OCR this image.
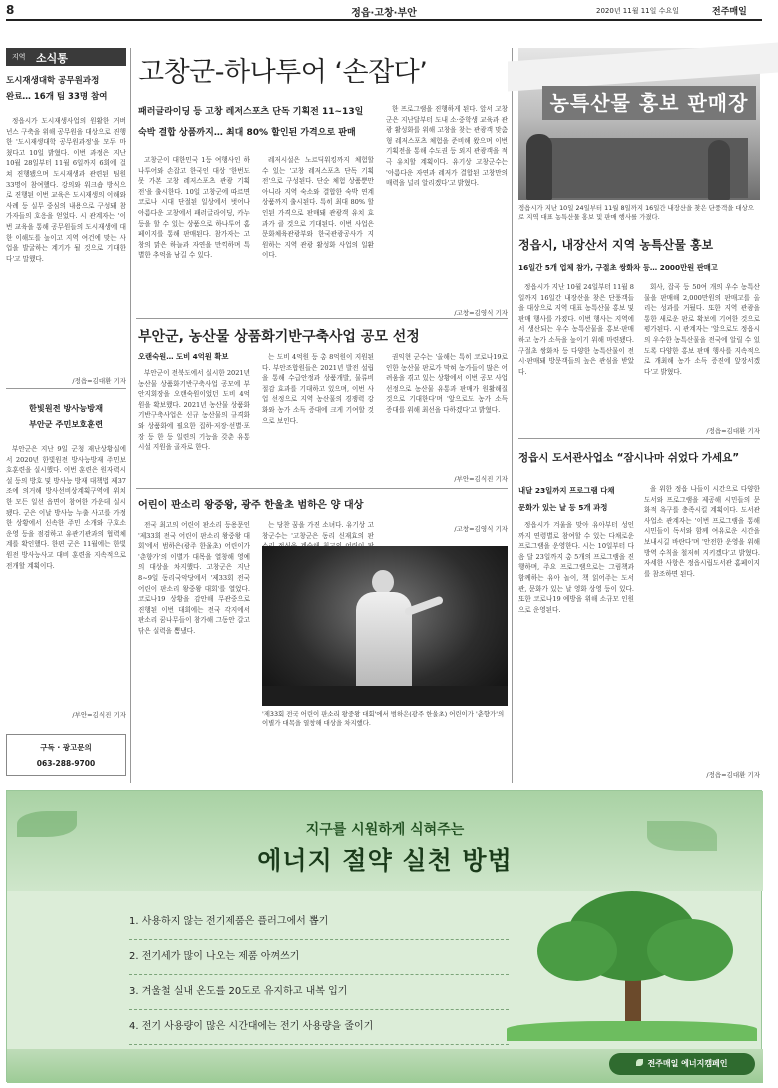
8	정읍·고창·부안	2020년 11월 11일 수요일	전주매일
지역 소식통
도시재생대학 공무원과정
완료… 16개 팀 33명 참여

정읍시가 도시재생사업의 원활한 거버넌스 구축을 위해 공무원을 대상으로 진행한 '도시재생대학 공무원과정'을 모두 마쳤다고 10일 밝혔다. 이번 과정은 지난 10월 28일부터 11월 6일까지 6회에 걸쳐 진행됐으며 도시재생과 관련된 팀원 33명이 참여했다. 강의와 워크숍 방식으로 진행된 이번 교육은 도시재생의 이해와 사례 등 실무 중심의 내용으로 구성돼 참가자들의 호응을 얻었다. 시 관계자는 '이번 교육을 통해 공무원들의 도시재생에 대한 이해도를 높이고 지역 여건에 맞는 사업을 발굴하는 계기가 될 것으로 기대한다'고 말했다.

/정읍=김대환 기자
한빛원전 방사능방재
부안군 주민보호훈련

부안군은 지난 9일 군청 재난상황실에서 2020년 한빛원전 방사능방재 주민보호훈련을 실시했다. 이번 훈련은 원자력시설 등의 방호 및 방사능 방재 대책법 제37조에 의거해 방사선비상계획구역에 위치한 모든 일선 읍면이 참여한 가운데 실시됐다. 군은 이날 방사능 누출 사고를 가정한 상황에서 신속한 주민 소개와 구호소 운영 등을 점검하고 유관기관과의 협력체계를 확인했다. 한편 군은 11월에는 한빛원전 방사능사고 대비 훈련을 지속적으로 전개할 계획이다.

/부안=김식진 기자
구독 · 광고문의
063-288-9700
고창군-하나투어 ‘손잡다’
패러글라이딩 등 고창 레저스포츠 단독 기획전 11~13일
숙박 결합 상품까지… 최대 80% 할인된 가격으로 판매

고창군이 대한민국 1등 여행사인 하나투어와 손잡고 한국인 대상 '한번도 못 가본 고창 레저스포츠 관광 기획전'을 출시한다. 10일 고창군에 따르면 코로나 시대 단절된 일상에서 벗어나 아름다운 고창에서 패러글라이딩, 카누 등을 할 수 있는 상품으로 하나투어 홈페이지를 통해 판매된다. 참가자는 고창의 맑은 하늘과 자연을 만끽하며 특별한 추억을 남길 수 있다.

레저시설은 노르딕워킹까지 체험할 수 있는 '고창 레저스포츠 단독 기획전'으로 구성된다. 단순 체험 상품뿐만 아니라 지역 숙소와 결합한 숙박 연계 상품까지 출시된다. 특히 최대 80% 할인된 가격으로 판매돼 관광객 유치 효과가 클 것으로 기대된다. 이번 사업은 문화체육관광부와 한국관광공사가 지원하는 지역 관광 활성화 사업의 일환이다.

한 프로그램을 진행하게 된다. 앞서 고창군은 지난달부터 도내 소·중학생 교육과 관광 활성화를 위해 고창을 찾는 관광객 맞춤형 레저스포츠 체험을 준비해 왔으며 이번 기획전을 통해 수도권 등 외지 관광객을 적극 유치할 계획이다. 유기상 고창군수는 '아름다운 자연과 레저가 결합된 고창만의 매력을 널리 알리겠다'고 밝혔다.

/고창=김영식 기자
농특산물 홍보 판매장
정읍시가 지난 10일 24일부터 11월 8일까지 16일간 내장산을 찾은 단풍객을 대상으로 지역 대표 농특산물 홍보 및 판매 행사를 가졌다.
정읍시, 내장산서 지역 농특산물 홍보
16일간 5개 업체 참가, 구절초 쌍화차 등… 2000만원 판매고

정읍시가 지난 10월 24일부터 11월 8일까지 16일간 내장산을 찾은 단풍객들을 대상으로 지역 대표 농특산물 홍보 및 판매 행사를 가졌다. 이번 행사는 지역에서 생산되는 우수 농특산물을 홍보·판매하고 농가 소득을 높이기 위해 마련됐다. 구절초 쌍화차 등 다양한 농특산물이 전시·판매돼 방문객들의 높은 관심을 받았다.

회사, 잡곡 등 50여 개의 우수 농특산물을 판매해 2,000만원의 판매고를 올리는 성과를 거뒀다. 또한 지역 관광을 통한 새로운 판로 확보에 기여한 것으로 평가된다. 시 관계자는 '앞으로도 정읍시의 우수한 농특산물을 전국에 알릴 수 있도록 다양한 홍보 판매 행사를 지속적으로 개최해 농가 소득 증진에 앞장서겠다'고 밝혔다.

/정읍=김대환 기자
정읍시 도서관사업소 “잠시나마 쉬었다 가세요”
내달 23일까지 프로그램 다채
문화가 있는 날 등 5개 과정

정읍시가 겨울을 맞아 유아부터 성인까지 연령별로 참여할 수 있는 다채로운 프로그램을 운영한다. 시는 10일부터 다음 달 23일까지 총 5개의 프로그램을 진행하며, 주요 프로그램으로는 그림책과 함께하는 유아 놀이, 책 읽어주는 도서관, 문화가 있는 날 영화 상영 등이 있다. 또한 코로나19 예방을 위해 소규모 인원으로 운영된다.

을 위한 정읍 나들이 시간으로 다양한 도서와 프로그램을 제공해 시민들의 문화적 욕구를 충족시킬 계획이다. 도서관사업소 관계자는 '이번 프로그램을 통해 시민들이 독서와 함께 여유로운 시간을 보내시길 바란다'며 '안전한 운영을 위해 방역 수칙을 철저히 지키겠다'고 밝혔다. 자세한 사항은 정읍시립도서관 홈페이지를 참조하면 된다.

/정읍=김대환 기자
부안군, 농산물 상품화기반구축사업 공모 선정
오랜숙원… 도비 4억원 확보

부안군이 전북도에서 실시한 2021년 농산물 상품화기반구축사업 공모에 부안지회장을 오랜숙원이었던 도비 4억원을 확보했다. 2021년 농산물 상품화기반구축사업은 신규 농산물의 규격화와 상품화에 필요한 집하·저장·선별·포장 등 한 등 일련의 기능을 갖춘 유통 시설 지원을 골자로 한다.

는 도비 4억원 등 총 8억원이 지원된다. 부안조합원들은 2021년 발전 설립을 통해 수급안정과 상품개발, 물류비 절감 효과를 기대하고 있으며, 이번 사업 선정으로 지역 농산물의 경쟁력 강화와 농가 소득 증대에 크게 기여할 것으로 보인다.

권익현 군수는 '올해는 특히 코로나19로 인한 농산물 판로가 막혀 농가들이 많은 어려움을 겪고 있는 상황에서 이번 공모 사업 선정으로 농산물 유통과 판매가 원활해질 것으로 기대한다'며 '앞으로도 농가 소득 증대를 위해 최선을 다하겠다'고 밝혔다.

/부안=김식진 기자
어린이 판소리 왕중왕, 광주 한울초 범하은 양 대상

전국 최고의 어린이 판소리 등용문인 '제33회 전국 어린이 판소리 왕중왕 대회'에서 범하은(광주 한울초) 어린이가 '춘향가'의 이별가 대목을 열창해 영예의 대상을 차지했다. 고창군은 지난 8~9일 동리국악당에서 '제33회 전국어린이 판소리 왕중왕 대회'를 열었다. 코로나19 상황을 감안해 무관중으로 진행된 이번 대회에는 전국 각지에서 판소리 꿈나무들이 참가해 그동안 갈고 닦은 실력을 뽐냈다.

는 당찬 꿈을 가진 소녀다. 유기상 고창군수는 '고창군은 동리 신재효의 판

/고창=김영식 기자
'제33회 전국 어린이 판소리 왕중왕 대회'에서 범하은(광주 한울초) 어린이가 '춘향가'의 이별가 대목을 열창해 대상을 차지했다.
지구를 시원하게 식혀주는
에너지 절약 실천 방법
1. 사용하지 않는 전기제품은 플러그에서 뽑기
2. 전기세가 많이 나오는 제품 아껴쓰기
3. 겨울철 실내 온도를 20도로 유지하고 내복 입기
4. 전기 사용량이 많은 시간대에는 전기 사용량을 줄이기
전주매일 에너지캠페인
